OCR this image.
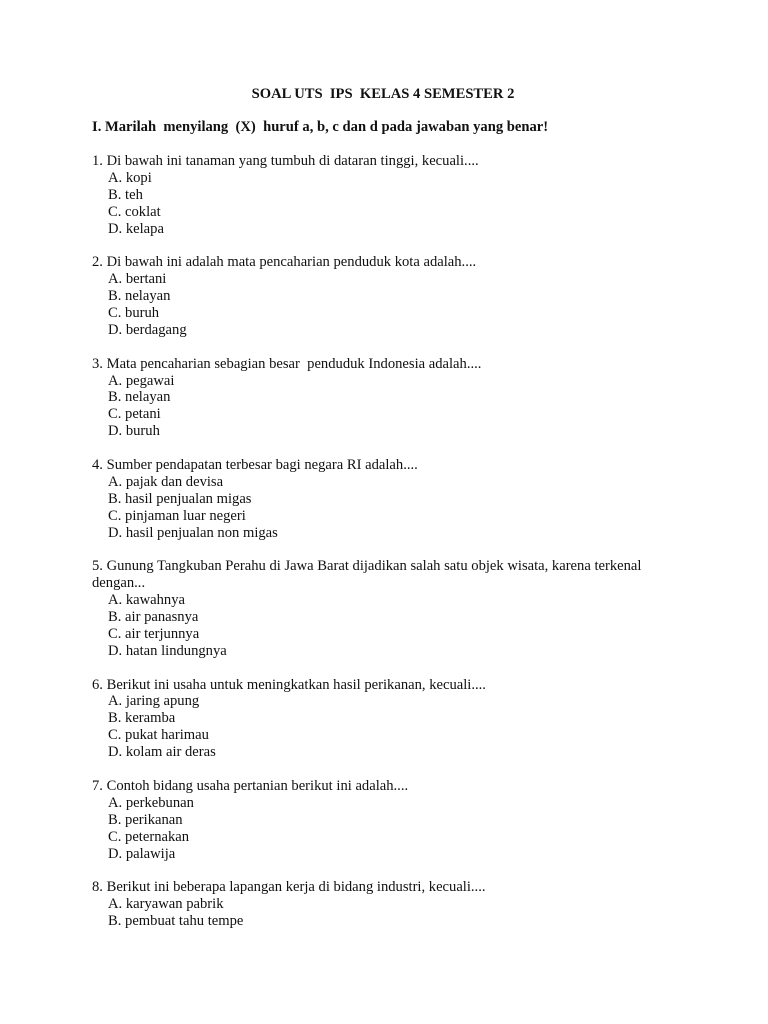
SOAL UTS  IPS  KELAS 4 SEMESTER 2
I. Marilah  menyilang  (X)  huruf a, b, c dan d pada jawaban yang benar!
1. Di bawah ini tanaman yang tumbuh di dataran tinggi, kecuali....
A. kopi
B. teh
C. coklat
D. kelapa
2. Di bawah ini adalah mata pencaharian penduduk kota adalah....
A. bertani
B. nelayan
C. buruh
D. berdagang
3. Mata pencaharian sebagian besar  penduduk Indonesia adalah....
A. pegawai
B. nelayan
C. petani
D. buruh
4. Sumber pendapatan terbesar bagi negara RI adalah....
A. pajak dan devisa
B. hasil penjualan migas
C. pinjaman luar negeri
D. hasil penjualan non migas
5. Gunung Tangkuban Perahu di Jawa Barat dijadikan salah satu objek wisata, karena terkenal dengan...
A. kawahnya
B. air panasnya
C. air terjunnya
D. hatan lindungnya
6. Berikut ini usaha untuk meningkatkan hasil perikanan, kecuali....
A. jaring apung
B. keramba
C. pukat harimau
D. kolam air deras
7. Contoh bidang usaha pertanian berikut ini adalah....
A. perkebunan
B. perikanan
C. peternakan
D. palawija
8. Berikut ini beberapa lapangan kerja di bidang industri, kecuali....
A. karyawan pabrik
B. pembuat tahu tempe
